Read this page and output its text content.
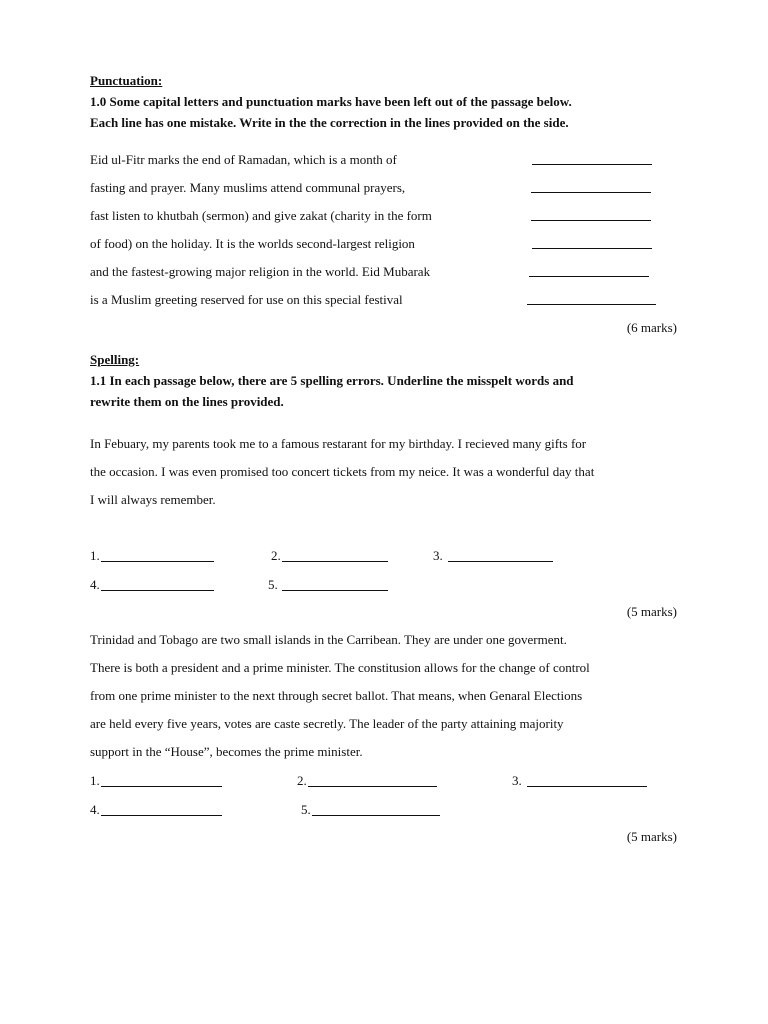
Punctuation:
1.0 Some capital letters and punctuation marks have been left out of the passage below.
Each line has one mistake. Write in the the correction in the lines provided on the side.
Eid ul-Fitr marks the end of Ramadan, which is a month of
fasting and prayer. Many muslims attend communal prayers,
fast listen to khutbah (sermon) and give zakat (charity in the form
of food) on the holiday. It is the worlds second-largest religion
and the fastest-growing major religion in the world. Eid Mubarak
is a Muslim greeting reserved for use on this special festival
(6 marks)
Spelling:
1.1 In each passage below, there are 5 spelling errors. Underline the misspelt words and
rewrite them on the lines provided.
In Febuary, my parents took me to a famous restarant for my birthday. I recieved many gifts for
the occasion. I was even promised too concert tickets from my neice. It was a wonderful day that
I will always remember.
1.	2.	3.
4.	5.
(5 marks)
Trinidad and Tobago are two small islands in the Carribean. They are under one goverment.
There is both a president and a prime minister. The constitusion allows for the change of control
from one prime minister to the next through secret ballot. That means, when Genaral Elections
are held every five years, votes are caste secretly. The leader of the party attaining majority
support in the “House”, becomes the prime minister.
1.	2.	3.
4.	5.
(5 marks)
